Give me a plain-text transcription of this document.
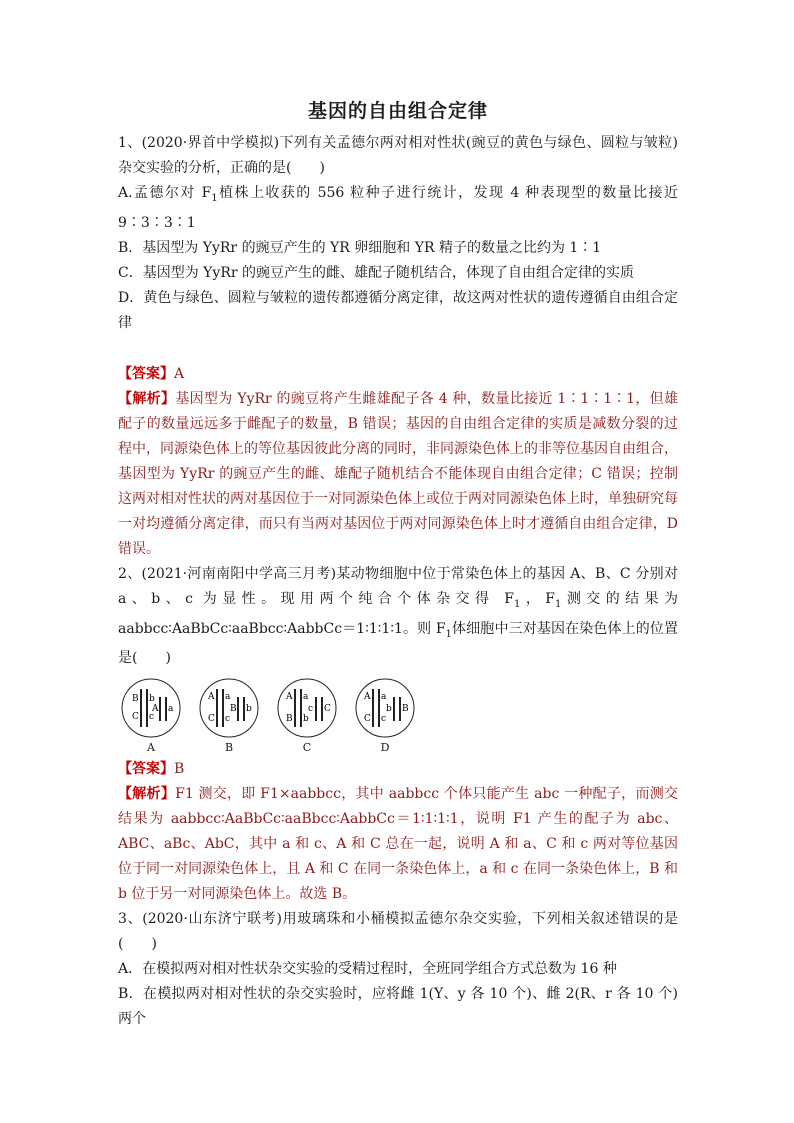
基因的自由组合定律

1、(2020·界首中学模拟)下列有关孟德尔两对相对性状(豌豆的黄色与绿色、圆粒与皱粒)杂交实验的分析，正确的是(　　)

A.孟德尔对 $F_1$植株上收获的 556 粒种子进行统计，发现 4 种表现型的数量比接近 9∶3∶3∶1

B．基因型为 YyRr 的豌豆产生的 YR 卵细胞和 YR 精子的数量之比约为 1∶1

C．基因型为 YyRr 的豌豆产生的雌、雄配子随机结合，体现了自由组合定律的实质

D．黄色与绿色、圆粒与皱粒的遗传都遵循分离定律，故这两对性状的遗传遵循自由组合定律

【答案】A

【解析】基因型为 YyRr 的豌豆将产生雌雄配子各 4 种，数量比接近 1∶1∶1∶1，但雄配子的数量远远多于雌配子的数量，B 错误；基因的自由组合定律的实质是减数分裂的过程中，同源染色体上的等位基因彼此分离的同时，非同源染色体上的非等位基因自由组合，基因型为 YyRr 的豌豆产生的雌、雄配子随机结合不能体现自由组合定律；C 错误；控制这两对相对性状的两对基因位于一对同源染色体上或位于两对同源染色体上时，单独研究每一对均遵循分离定律，而只有当两对基因位于两对同源染色体上时才遵循自由组合定律，D 错误。

2、(2021·河南南阳中学高三月考)某动物细胞中位于常染色体上的基因 A、B、C 分别对 a、b、c 为显性。现用两个纯合个体杂交得 $F_1$，$F_1$测交的结果为 aabbcc∶AaBbCc∶aaBbcc∶AabbCc＝1∶1∶1∶1。则 $F_1$体细胞中三对基因在染色体上的位置是(　　)

B b
C c
A a
A
A a
C c
B b
B
A a
B b
c C
C
A a
C c
b B
D

【答案】B

【解析】F1 测交，即 F1×aabbcc，其中 aabbcc 个体只能产生 abc 一种配子，而测交结果为 aabbcc∶AaBbCc∶aaBbcc∶AabbCc＝1∶1∶1∶1，说明 F1 产生的配子为 abc、ABC、aBc、AbC，其中 a 和 c、A 和 C 总在一起，说明 A 和 a、C 和 c 两对等位基因位于同一对同源染色体上，且 A 和 C 在同一条染色体上，a 和 c 在同一条染色体上，B 和 b 位于另一对同源染色体上。故选 B。

3、(2020·山东济宁联考)用玻璃珠和小桶模拟孟德尔杂交实验，下列相关叙述错误的是(　　)

A．在模拟两对相对性状杂交实验的受精过程时，全班同学组合方式总数为 16 种

B．在模拟两对相对性状的杂交实验时，应将雌 1(Y、y 各 10 个)、雌 2(R、r 各 10 个)两个
